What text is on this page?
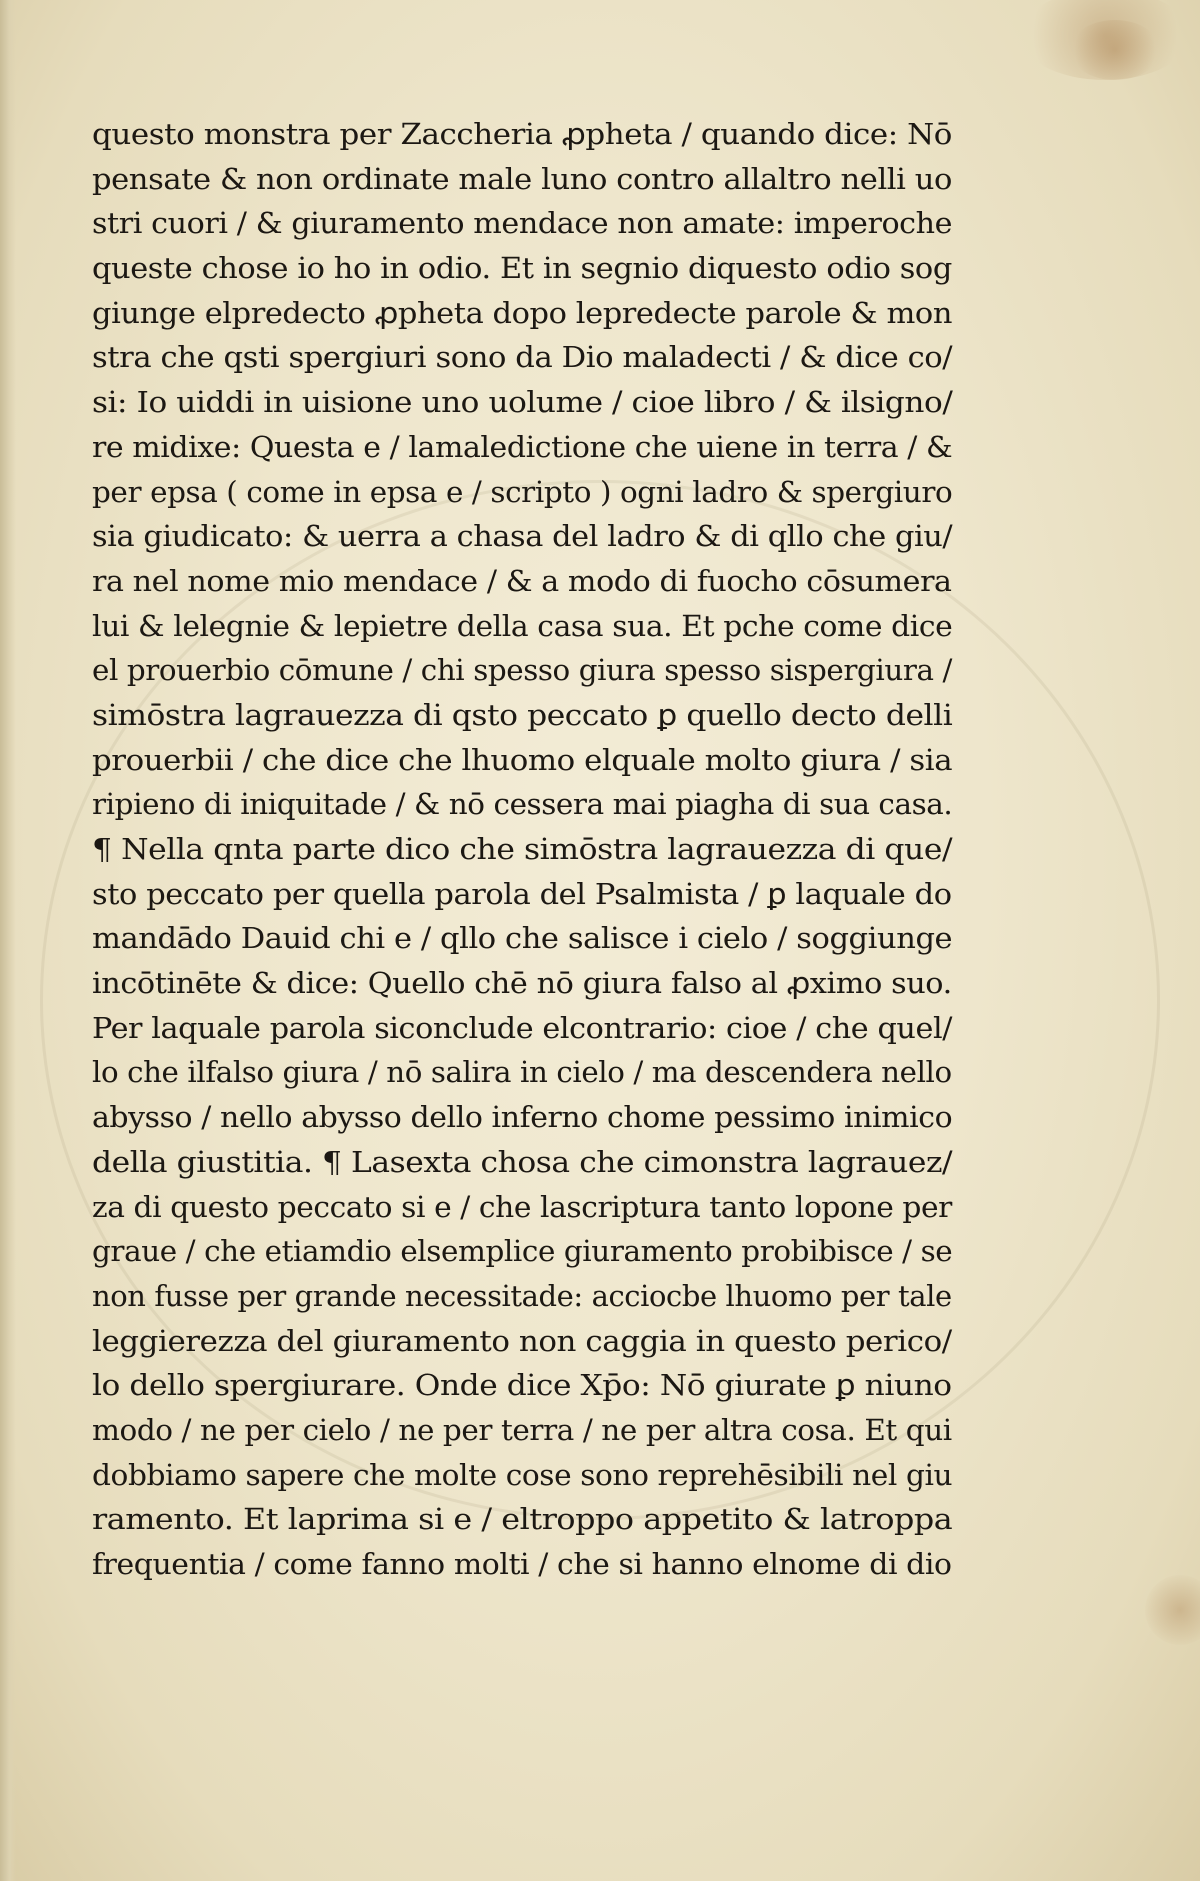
questo monstra per Zaccheria ꝓpheta / quando dice: Nō
pensate & non ordinate male luno contro allaltro nelli uo
stri cuori / & giuramento mendace non amate: imperoche
queste chose io ho in odio. Et in segnio diquesto odio sog
giunge elpredecto ꝓpheta dopo lepredecte parole & mon
stra che qsti spergiuri sono da Dio maladecti / & dice co/
si: Io uiddi in uisione uno uolume / cioe libro / & ilsigno/
re midixe: Questa e / lamaledictione che uiene in terra / &
per epsa ( come in epsa e / scripto ) ogni ladro & spergiuro
sia giudicato: & uerra a chasa del ladro & di qllo che giu/
ra nel nome mio mendace / & a modo di fuocho cōsumera
lui & lelegnie & lepietre della casa sua. Et pche come dice
el prouerbio cōmune / chi spesso giura spesso sispergiura /
simōstra lagrauezza di qsto peccato ꝑ quello decto delli
prouerbii / che dice che lhuomo elquale molto giura / sia
ripieno di iniquitade / & nō cessera mai piagha di sua casa.
¶ Nella qnta parte dico che simōstra lagrauezza di que/
sto peccato per quella parola del Psalmista / ꝑ laquale do
mandādo Dauid chi e / qllo che salisce i cielo / soggiunge
incōtinēte & dice: Quello chē nō giura falso al ꝓximo suo.
Per laquale parola siconclude elcontrario: cioe / che quel/
lo che ilfalso giura / nō salira in cielo / ma descendera nello
abysso / nello abysso dello inferno chome pessimo inimico
della giustitia. ¶ Lasexta chosa che cimonstra lagrauez/
za di questo peccato si e / che lascriptura tanto lopone per
graue / che etiamdio elsemplice giuramento probibisce / se
non fusse per grande necessitade: acciocbe lhuomo per tale
leggierezza del giuramento non caggia in questo perico/
lo dello spergiurare. Onde dice Xp̄o: Nō giurate ꝑ niuno
modo / ne per cielo / ne per terra / ne per altra cosa. Et qui
dobbiamo sapere che molte cose sono reprehēsibili nel giu
ramento. Et laprima si e / eltroppo appetito & latroppa
frequentia / come fanno molti / che si hanno elnome di dio
